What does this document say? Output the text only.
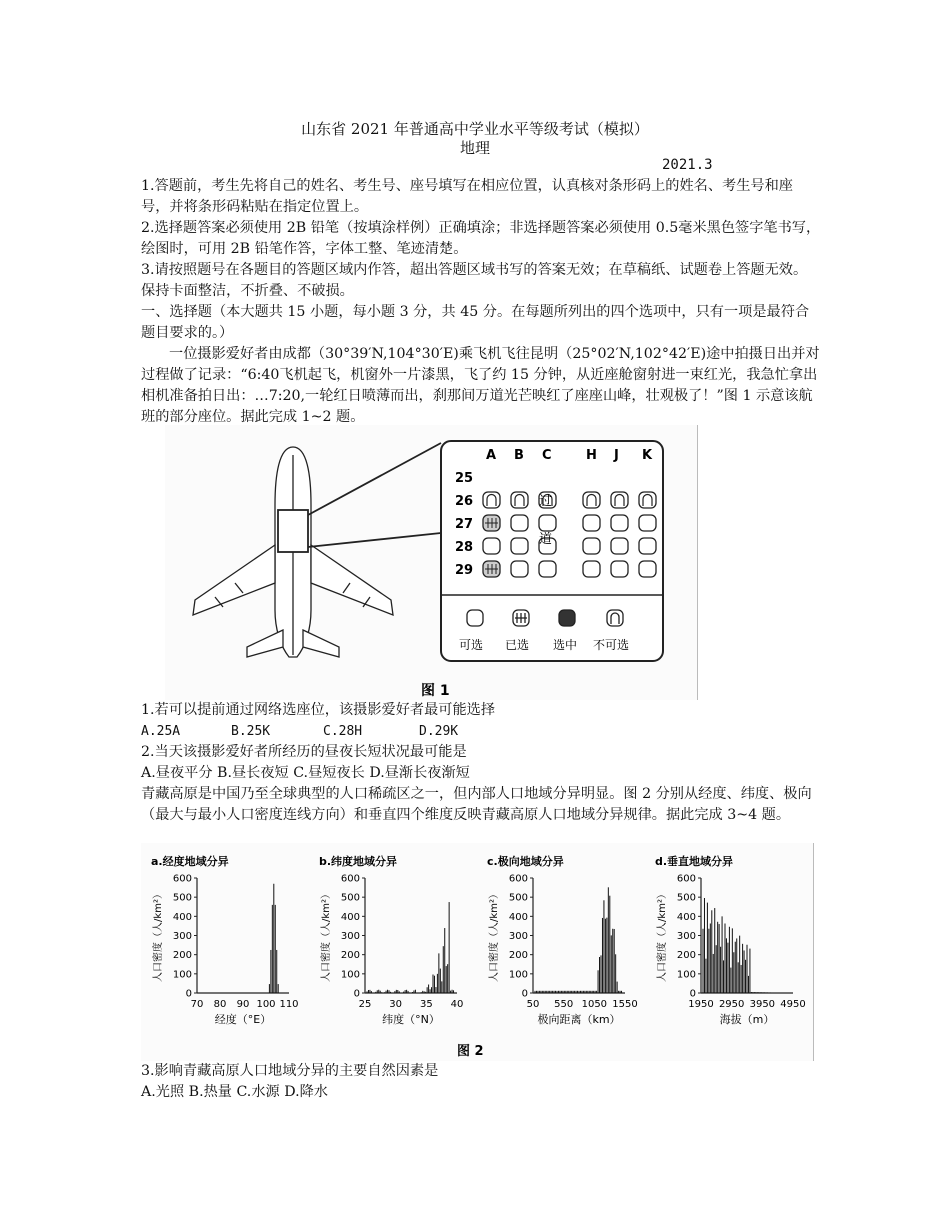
山东省 2021 年普通高中学业水平等级考试（模拟）
地理
2021.3

1.答题前，考生先将自己的姓名、考生号、座号填写在相应位置，认真核对条形码上的姓名、考生号和座号，并将条形码粘贴在指定位置上。

2.选择题答案必须使用 2B 铅笔（按填涂样例）正确填涂；非选择题答案必须使用 0.5毫米黑色签字笔书写，绘图时，可用 2B 铅笔作答，字体工整、笔迹清楚。

3.请按照题号在各题目的答题区域内作答，超出答题区域书写的答案无效；在草稿纸、试题卷上答题无效。保持卡面整洁，不折叠、不破损。

一、选择题（本大题共 15 小题，每小题 3 分，共 45 分。在每题所列出的四个选项中，只有一项是最符合题目要求的。）

一位摄影爱好者由成都（30°39′N,104°30′E)乘飞机飞往昆明（25°02′N,102°42′E)途中拍摄日出并对过程做了记录：“6:40飞机起飞，机窗外一片漆黑，飞了约 15 分钟，从近座舱窗射进一束红光，我急忙拿出相机准备拍日出：…7:20,一轮红日喷薄而出，刹那间万道光芒映红了座座山峰，壮观极了！”图 1 示意该航班的部分座位。据此完成 1~2 题。

A B C	H J K
25
26
27
28
29
过
道
可选 已选 选中 不可选
图 1

1.若可以提前通过网络选座位，该摄影爱好者最可能选择

A.25A	B.25K	C.28H	D.29K

2.当天该摄影爱好者所经历的昼夜长短状况最可能是

A.昼夜平分 B.昼长夜短 C.昼短夜长 D.昼渐长夜渐短

青藏高原是中国乃至全球典型的人口稀疏区之一，但内部人口地域分异明显。图 2 分别从经度、纬度、极向（最大与最小人口密度连线方向）和垂直四个维度反映青藏高原人口地域分异规律。据此完成 3~4 题。

a.经度地域分异
人口密度（人/km²）
0
100
200
300
400
500
600
70 80 90 100 110
经度（°E）
b.纬度地域分异
人口密度（人/km²）
0
100
200
300
400
500
600
25 30 35 40
纬度（°N）
c.极向地域分异
人口密度（人/km²）
0
100
200
300
400
500
600
50 550 1050 1550
极向距离（km）
d.垂直地域分异
人口密度（人/km²）
0
100
200
300
400
500
600
1950 2950 3950 4950
海拔（m）
图 2

3.影响青藏高原人口地域分异的主要自然因素是

A.光照 B.热量 C.水源 D.降水
